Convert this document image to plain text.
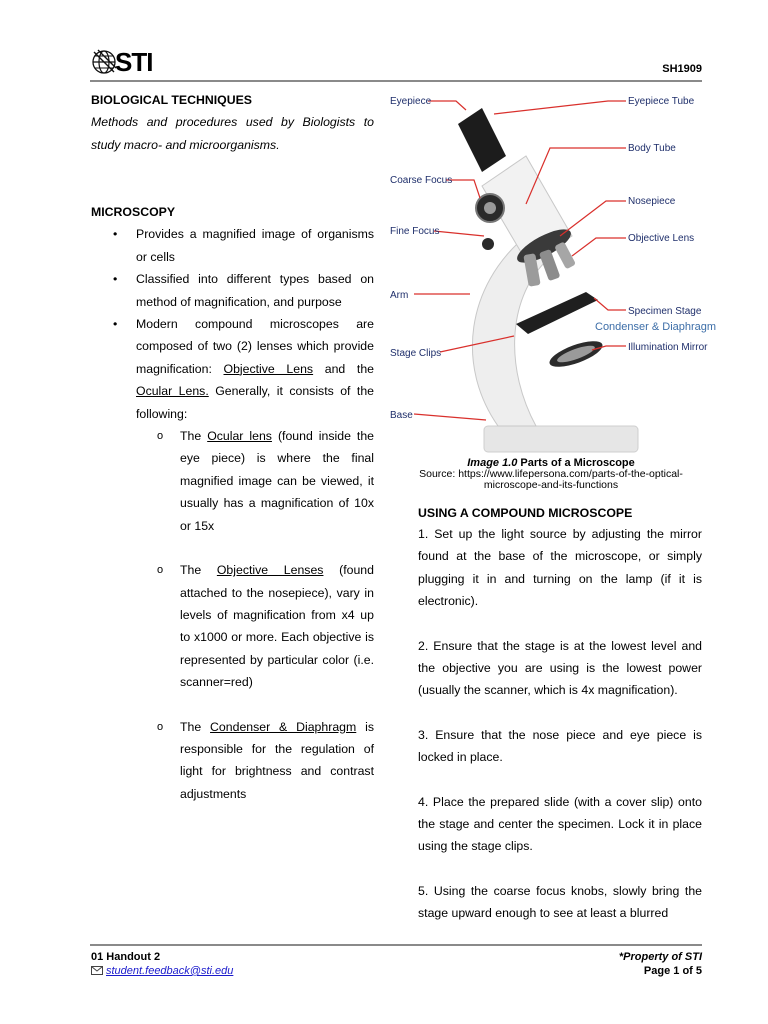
STI	SH1909

BIOLOGICAL TECHNIQUES

Methods and procedures used by Biologists to study macro- and microorganisms.

MICROSCOPY

• Provides a magnified image of organisms or cells
• Classified into different types based on method of magnification, and purpose
• Modern compound microscopes are composed of two (2) lenses which provide magnification: Objective Lens and the Ocular Lens. Generally, it consists of the following:
o The Ocular lens (found inside the eye piece) is where the final magnified image can be viewed, it usually has a magnification of 10x or 15x
o The Objective Lenses (found attached to the nosepiece), vary in levels of magnification from x4 up to x1000 or more. Each objective is represented by particular color (i.e. scanner=red)
o The Condenser & Diaphragm is responsible for the regulation of light for brightness and contrast adjustments
Eyepiece
Coarse Focus
Fine Focus
Arm
Stage Clips
Base
Eyepiece Tube
Body Tube
Nosepiece
Objective Lens
Specimen Stage
Condenser & Diaphragm
Illumination Mirror
Image 1.0 Parts of a Microscope
Source: https://www.lifepersona.com/parts-of-the-optical-microscope-and-its-functions

USING A COMPOUND MICROSCOPE

1. Set up the light source by adjusting the mirror found at the base of the microscope, or simply plugging it in and turning on the lamp (if it is electronic).

2. Ensure that the stage is at the lowest level and the objective you are using is the lowest power (usually the scanner, which is 4x magnification).

3. Ensure that the nose piece and eye piece is locked in place.

4. Place the prepared slide (with a cover slip) onto the stage and center the specimen. Lock it in place using the stage clips.

5. Using the coarse focus knobs, slowly bring the stage upward enough to see at least a blurred

01 Handout 2
student.feedback@sti.edu
*Property of STI
Page 1 of 5
